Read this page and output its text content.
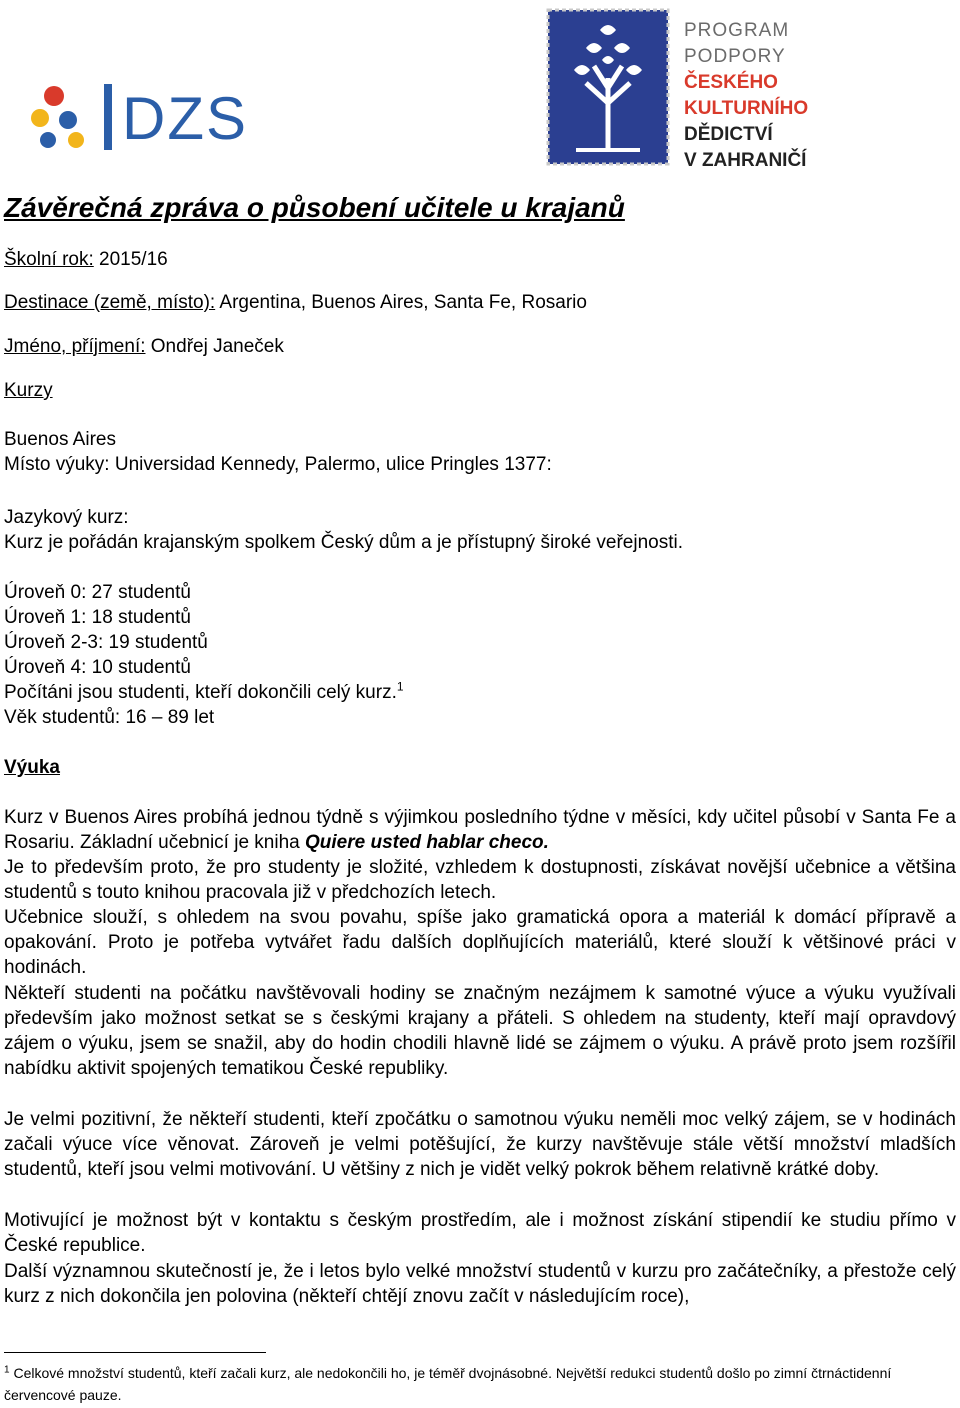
DZS
PROGRAM PODPORY
ČESKÉHO
KULTURNÍHO
DĚDICTVÍ
V ZAHRANIČÍ
Závěrečná zpráva o působení učitele u krajanů
Školní rok: 2015/16
Destinace (země, místo): Argentina, Buenos Aires, Santa Fe, Rosario
Jméno, příjmení: Ondřej Janeček
Kurzy
Buenos Aires
Místo výuky: Universidad Kennedy, Palermo, ulice Pringles 1377:
Jazykový kurz:
Kurz je pořádán krajanským spolkem Český dům a je přístupný široké veřejnosti.
Úroveň 0: 27 studentů
Úroveň 1: 18 studentů
Úroveň 2-3: 19 studentů
Úroveň 4: 10 studentů
Počítáni jsou studenti, kteří dokončili celý kurz.$^1$
Věk studentů: 16 – 89 let
Výuka
Kurz v Buenos Aires probíhá jednou týdně s výjimkou posledního týdne v měsíci, kdy učitel působí v Santa Fe a Rosariu. Základní učebnicí je kniha Quiere usted hablar checo.
Je to především proto, že pro studenty je složité, vzhledem k dostupnosti, získávat novější učebnice a většina studentů s touto knihou pracovala již v předchozích letech.
Učebnice slouží, s ohledem na svou povahu, spíše jako gramatická opora a materiál k domácí přípravě a opakování. Proto je potřeba vytvářet řadu dalších doplňujících materiálů, které slouží k většinové práci v hodinách.
Někteří studenti na počátku navštěvovali hodiny se značným nezájmem k samotné výuce a výuku využívali především jako možnost setkat se s českými krajany a přáteli. S ohledem na studenty, kteří mají opravdový zájem o výuku, jsem se snažil, aby do hodin chodili hlavně lidé se zájmem o výuku. A právě proto jsem rozšířil nabídku aktivit spojených tematikou České republiky.
Je velmi pozitivní, že někteří studenti, kteří zpočátku o samotnou výuku neměli moc velký zájem, se v hodinách začali výuce více věnovat. Zároveň je velmi potěšující, že kurzy navštěvuje stále větší množství mladších studentů, kteří jsou velmi motivování. U většiny z nich je vidět velký pokrok během relativně krátké doby.
Motivující je možnost být v kontaktu s českým prostředím, ale i možnost získání stipendií ke studiu přímo v České republice.
Další významnou skutečností je, že i letos bylo velké množství studentů v kurzu pro začátečníky, a přestože celý kurz z nich dokončila jen polovina (někteří chtějí znovu začít v následujícím roce),
$^1$ Celkové množství studentů, kteří začali kurz, ale nedokončili ho, je téměř dvojnásobné. Největší redukci studentů došlo po zimní čtrnáctidenní červencové pauze.
